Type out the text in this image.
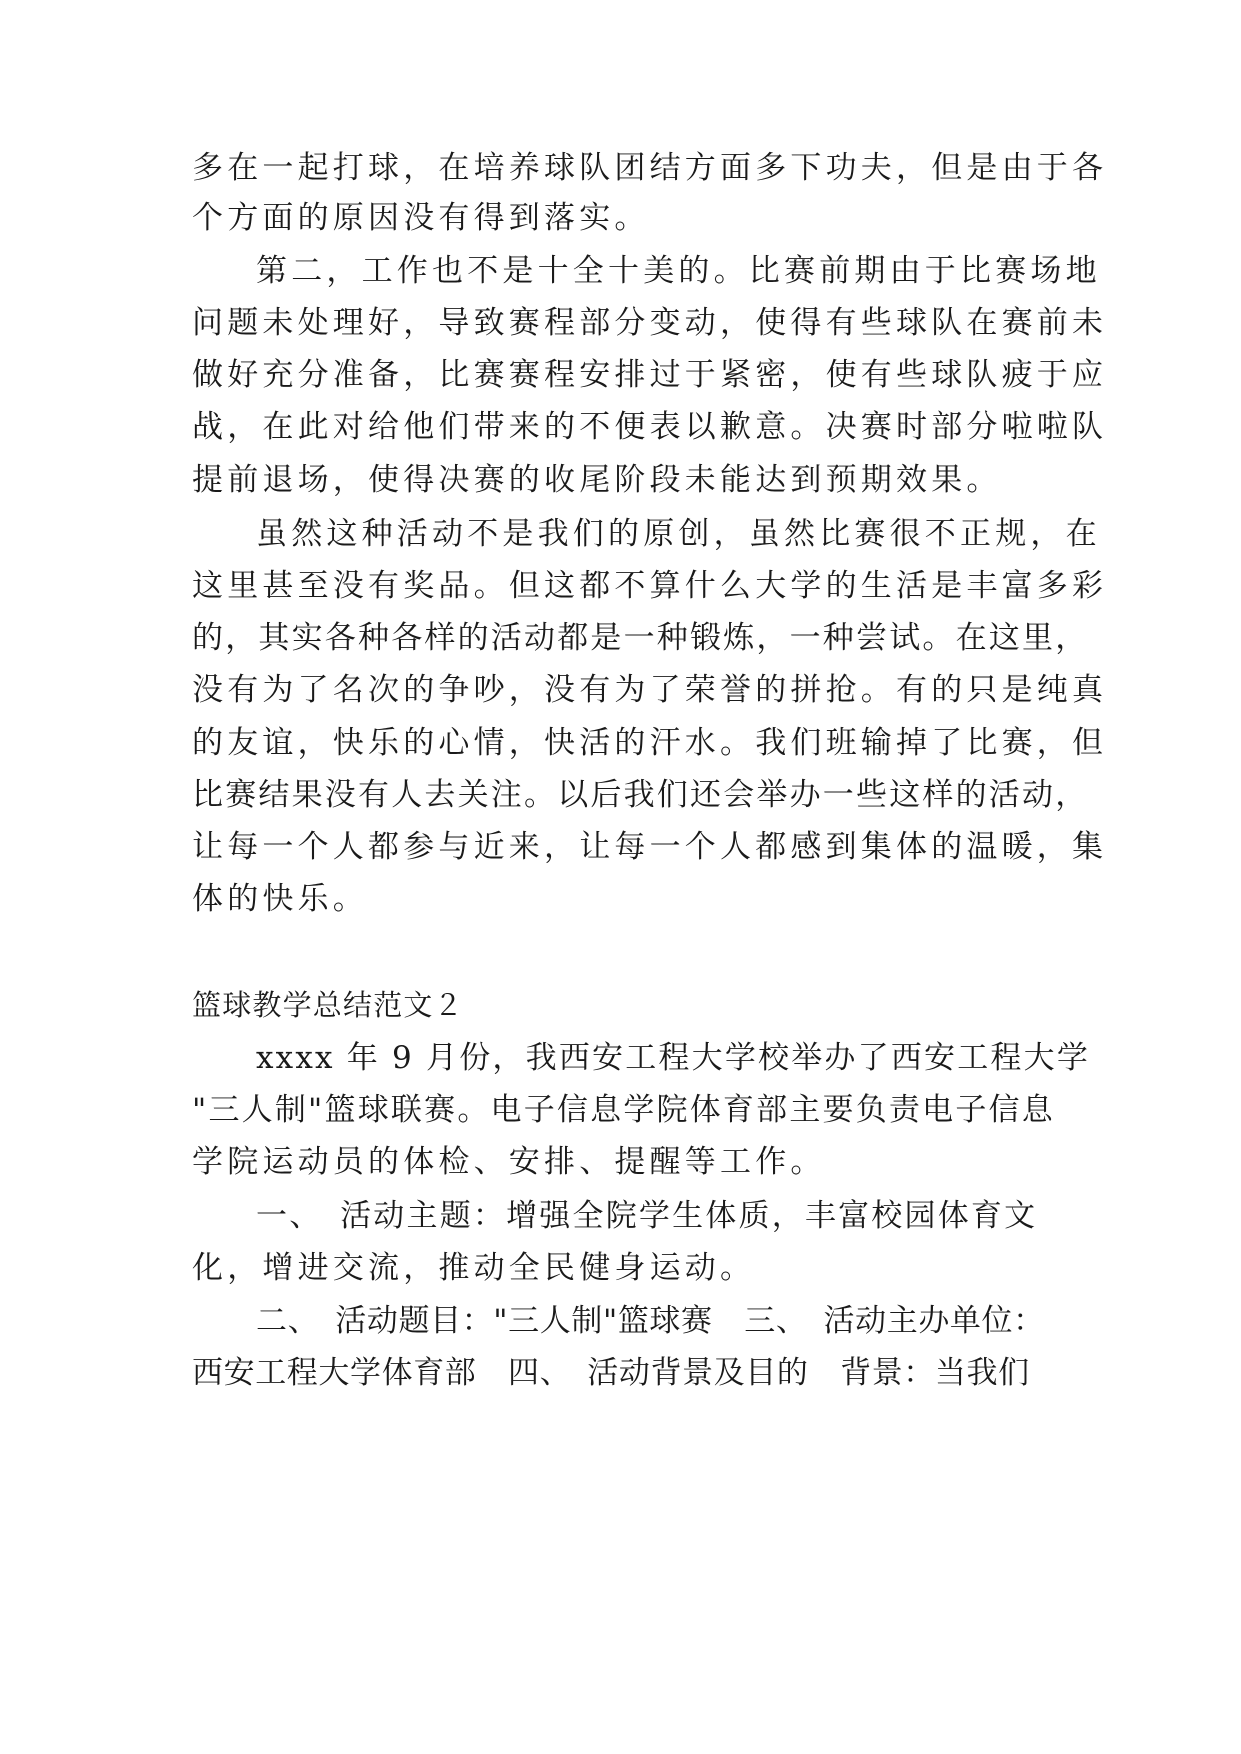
多在一起打球，在培养球队团结方面多下功夫，但是由于各
个方面的原因没有得到落实。
第二，工作也不是十全十美的。比赛前期由于比赛场地
问题未处理好，导致赛程部分变动，使得有些球队在赛前未
做好充分准备，比赛赛程安排过于紧密，使有些球队疲于应
战，在此对给他们带来的不便表以歉意。决赛时部分啦啦队
提前退场，使得决赛的收尾阶段未能达到预期效果。
虽然这种活动不是我们的原创，虽然比赛很不正规，在
这里甚至没有奖品。但这都不算什么大学的生活是丰富多彩
的，其实各种各样的活动都是一种锻炼，一种尝试。在这里，
没有为了名次的争吵，没有为了荣誉的拼抢。有的只是纯真
的友谊，快乐的心情，快活的汗水。我们班输掉了比赛，但
比赛结果没有人去关注。以后我们还会举办一些这样的活动，
让每一个人都参与近来，让每一个人都感到集体的温暖，集
体的快乐。
篮球教学总结范文２
xxxx 年 9 月份，我西安工程大学校举办了西安工程大学
"三人制"篮球联赛。电子信息学院体育部主要负责电子信息
学院运动员的体检、安排、提醒等工作。
一、　活动主题：增强全院学生体质，丰富校园体育文
化，增进交流，推动全民健身运动。
二、　活动题目："三人制"篮球赛　三、　活动主办单位：
西安工程大学体育部　四、　活动背景及目的　背景：当我们
